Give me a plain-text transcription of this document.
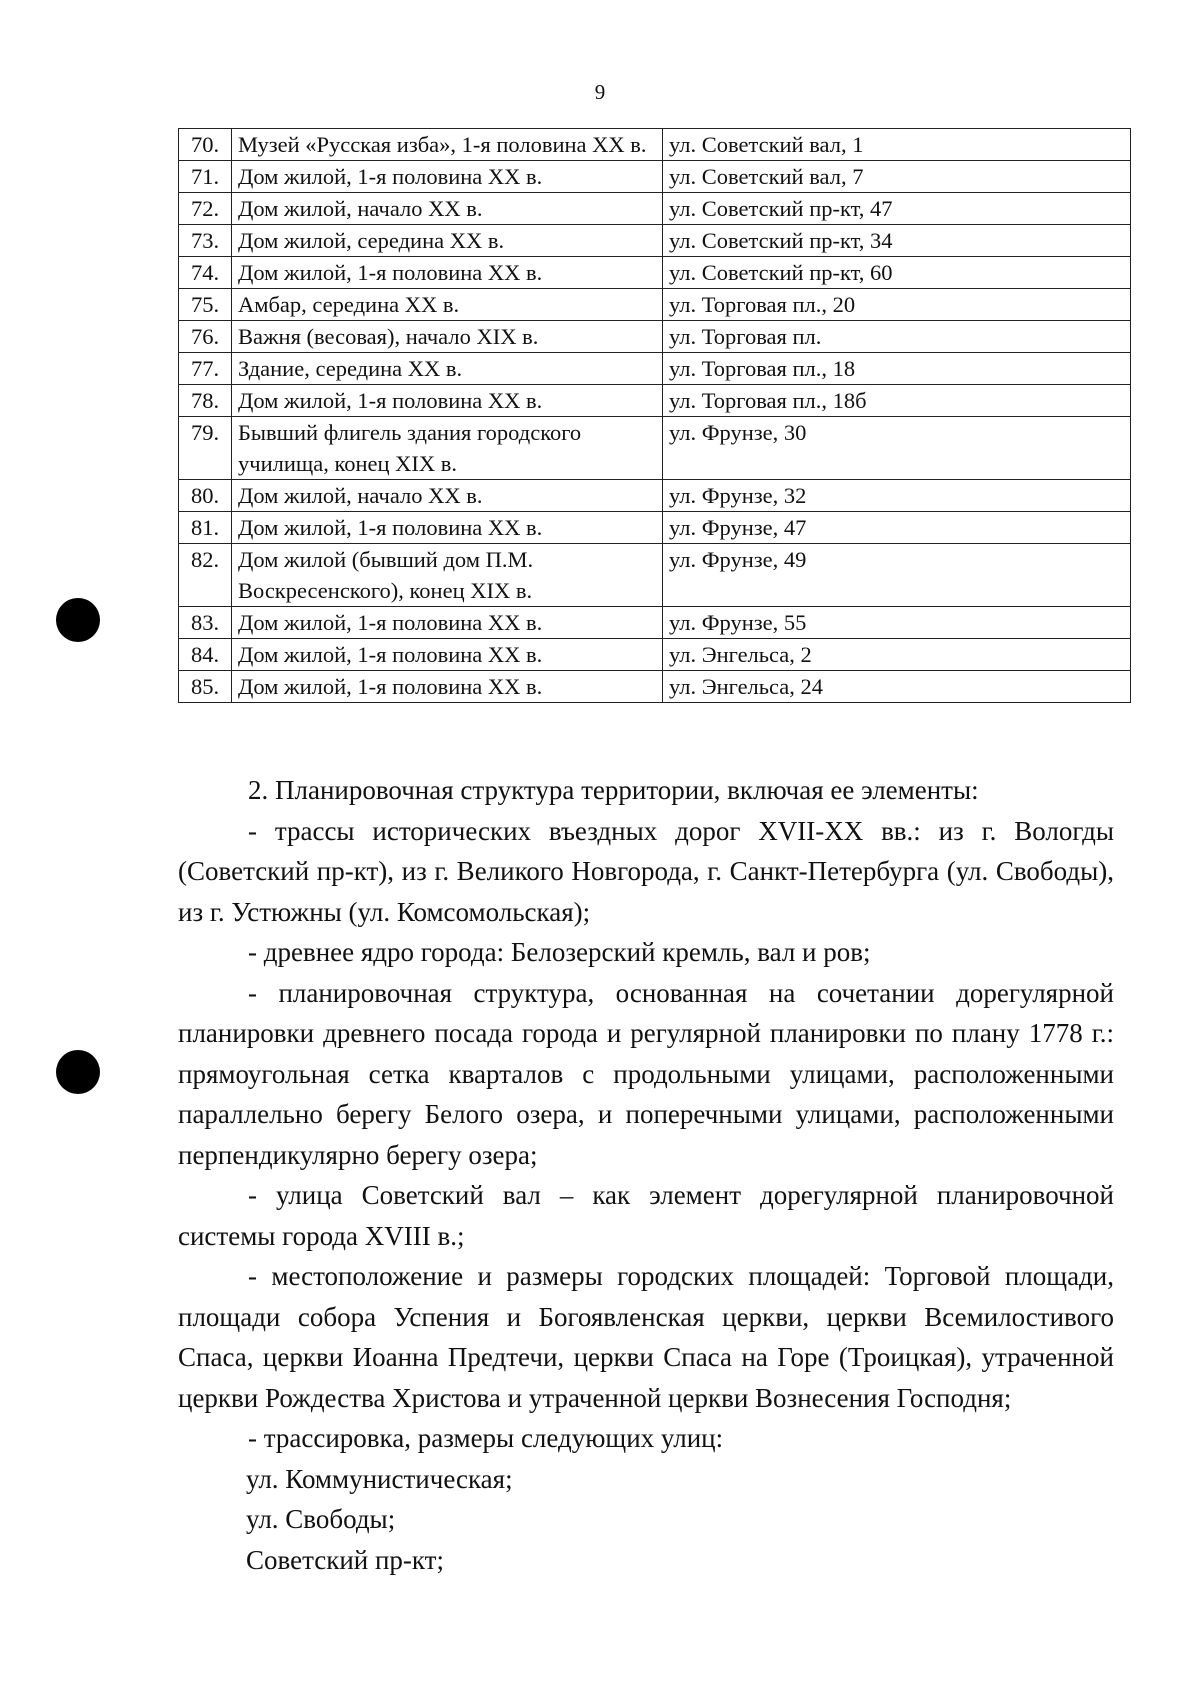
9
70.	Музей «Русская изба», 1-я половина XX в.	ул. Советский вал, 1
71.	Дом жилой, 1-я половина XX в.	ул. Советский вал, 7
72.	Дом жилой, начало XX в.	ул. Советский пр-кт, 47
73.	Дом жилой, середина XX в.	ул. Советский пр-кт, 34
74.	Дом жилой, 1-я половина XX в.	ул. Советский пр-кт, 60
75.	Амбар, середина XX в.	ул. Торговая пл., 20
76.	Важня (весовая), начало XIX в.	ул. Торговая пл.
77.	Здание, середина XX в.	ул. Торговая пл., 18
78.	Дом жилой, 1-я половина XX в.	ул. Торговая пл., 18б
79.	Бывший флигель здания городского училища, конец XIX в.	ул. Фрунзе, 30
80.	Дом жилой, начало XX в.	ул. Фрунзе, 32
81.	Дом жилой, 1-я половина XX в.	ул. Фрунзе, 47
82.	Дом жилой (бывший дом П.М. Воскресенского), конец XIX в.	ул. Фрунзе, 49
83.	Дом жилой, 1-я половина XX в.	ул. Фрунзе, 55
84.	Дом жилой, 1-я половина XX в.	ул. Энгельса, 2
85.	Дом жилой, 1-я половина XX в.	ул. Энгельса, 24

2. Планировочная структура территории, включая ее элементы:

- трассы исторических въездных дорог XVII-XX вв.: из г. Вологды (Советский пр-кт), из г. Великого Новгорода, г. Санкт-Петербурга (ул. Свободы), из г. Устюжны (ул. Комсомольская);

- древнее ядро города: Белозерский кремль, вал и ров;

- планировочная структура, основанная на сочетании дорегулярной планировки древнего посада города и регулярной планировки по плану 1778 г.: прямоугольная сетка кварталов с продольными улицами, расположенными параллельно берегу Белого озера, и поперечными улицами, расположенными перпендикулярно берегу озера;

- улица Советский вал – как элемент дорегулярной планировочной системы города XVIII в.;

- местоположение и размеры городских площадей: Торговой площади, площади собора Успения и Богоявленская церкви, церкви Всемилостивого Спаса, церкви Иоанна Предтечи, церкви Спаса на Горе (Троицкая), утраченной церкви Рождества Христова и утраченной церкви Вознесения Господня;

- трассировка, размеры следующих улиц:

ул. Коммунистическая;

ул. Свободы;

Советский пр-кт;
